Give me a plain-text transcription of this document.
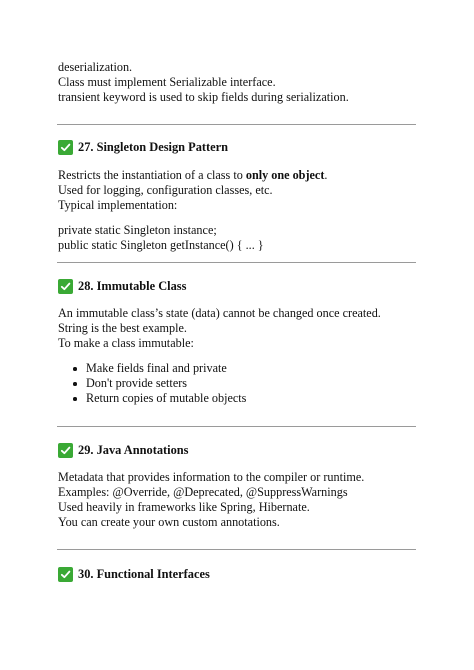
deserialization.
Class must implement Serializable interface.
transient keyword is used to skip fields during serialization.
27. Singleton Design Pattern
Restricts the instantiation of a class to only one object.
Used for logging, configuration classes, etc.
Typical implementation:
private static Singleton instance;
public static Singleton getInstance() { ... }
28. Immutable Class
An immutable class’s state (data) cannot be changed once created.
String is the best example.
To make a class immutable:
Make fields final and private
Don't provide setters
Return copies of mutable objects
29. Java Annotations
Metadata that provides information to the compiler or runtime.
Examples: @Override, @Deprecated, @SuppressWarnings
Used heavily in frameworks like Spring, Hibernate.
You can create your own custom annotations.
30. Functional Interfaces
